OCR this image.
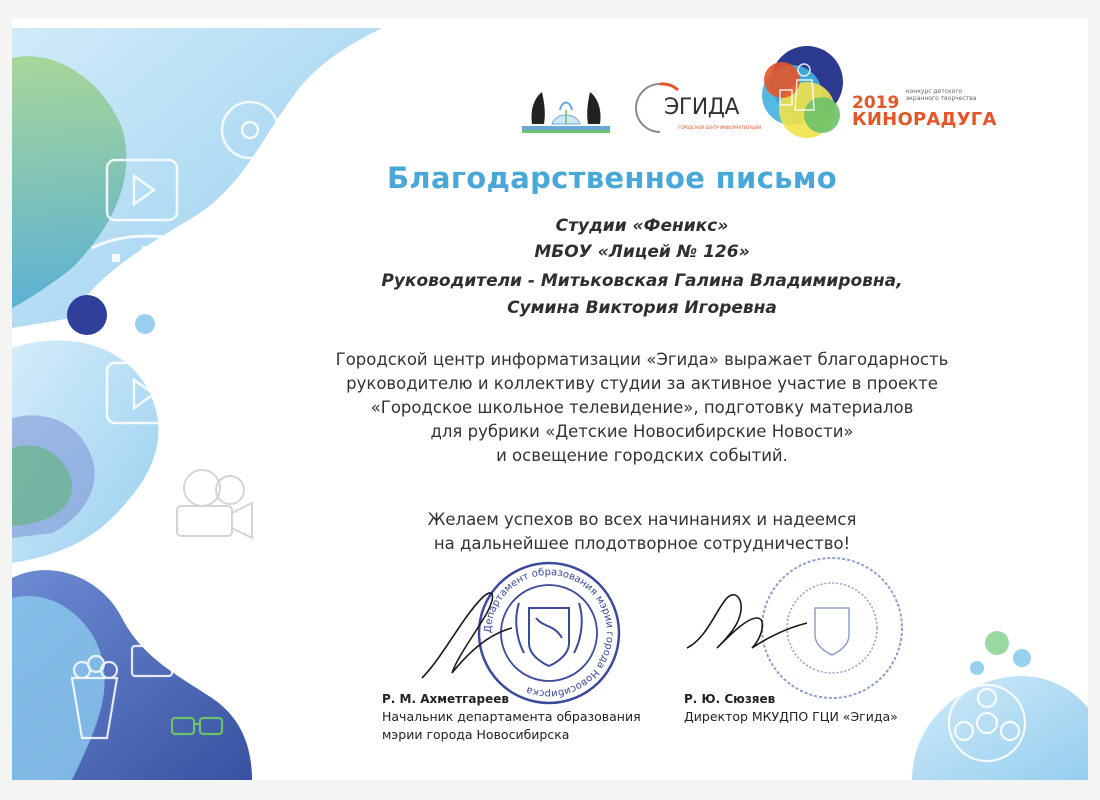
ЭГИДА
ГОРОДСКОЙ ЦЕНТР ИНФОРМАТИЗАЦИИ
2019
КИНОРАДУГА
конкурс детского экранного творчества
Благодарственное письмо
Студии «Феникс»
МБОУ «Лицей № 126»
Руководители - Митьковская Галина Владимировна,
Сумина Виктория Игоревна
Городской центр информатизации «Эгида» выражает благодарность
руководителю и коллективу студии за активное участие в проекте
«Городское школьное телевидение», подготовку материалов
для рубрики «Детские Новосибирские Новости»
и освещение городских событий.
Желаем успехов во всех начинаниях и надеемся
на дальнейшее плодотворное сотрудничество!
Департамент образования мэрии города Новосибирска
Р. М. Ахметгареев
Начальник департамента образования
мэрии города Новосибирска
Р. Ю. Сюзяев
Директор МКУДПО ГЦИ «Эгида»
